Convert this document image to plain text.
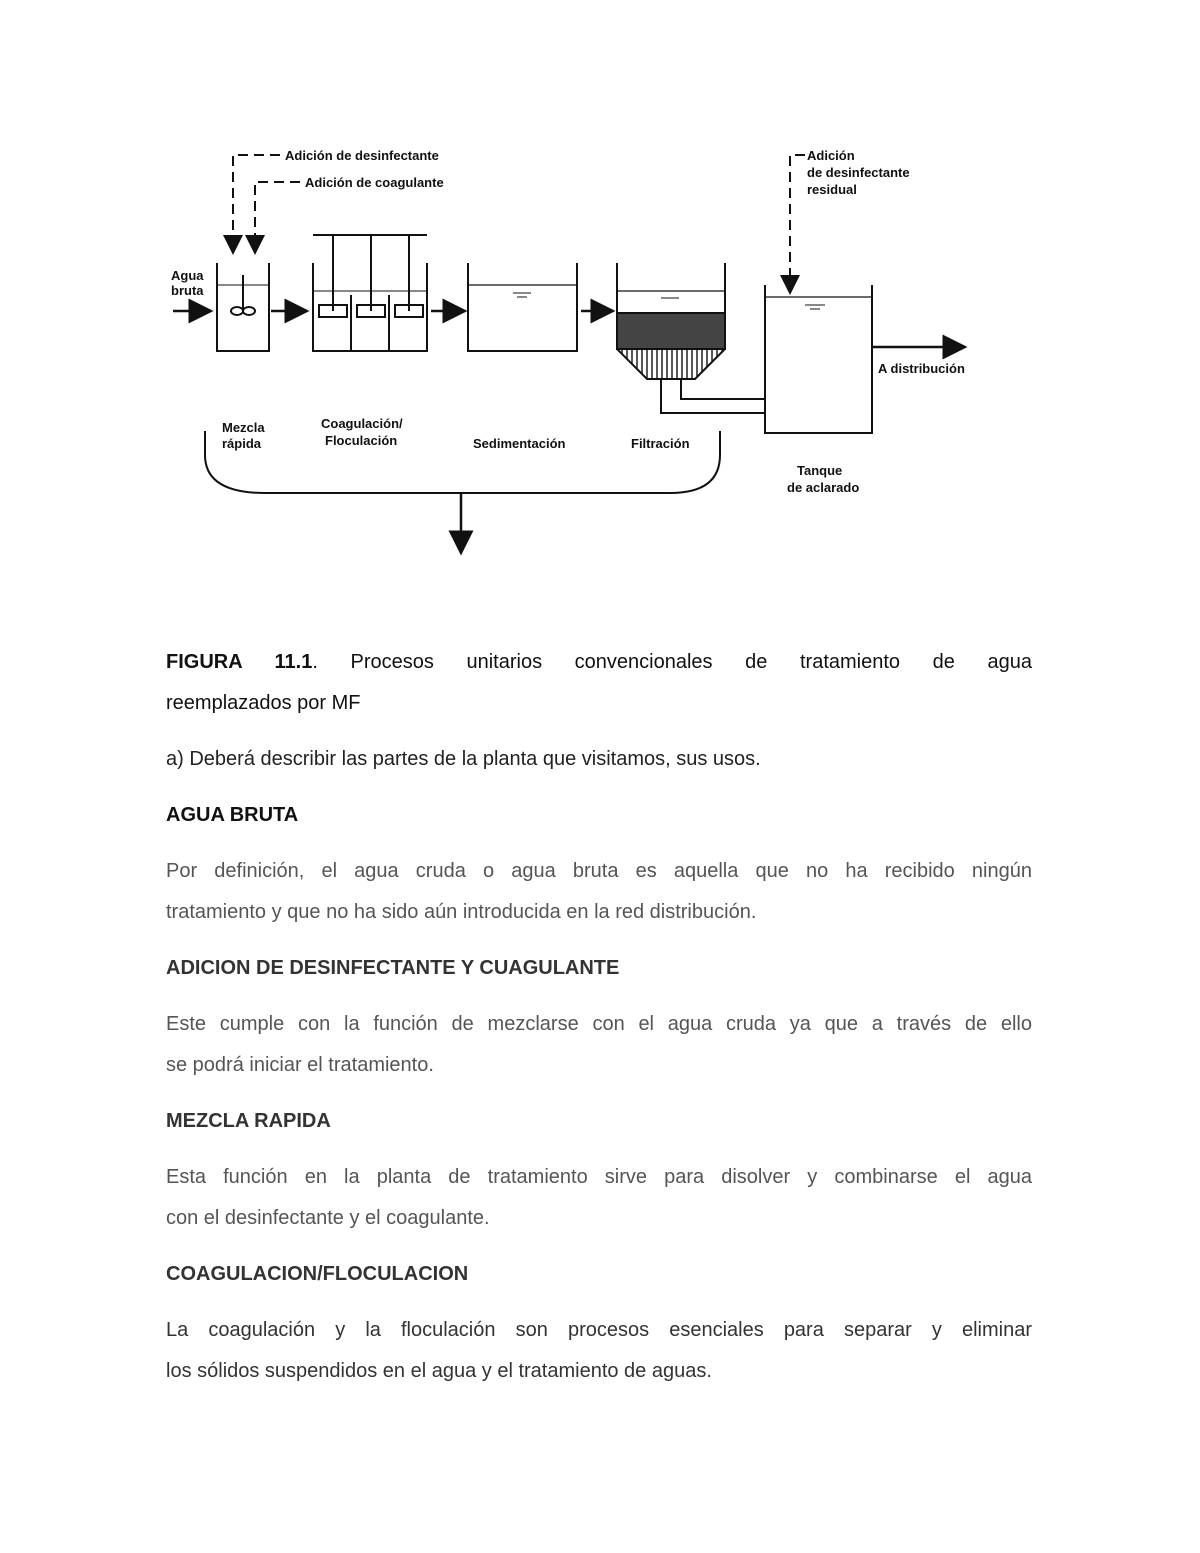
Adición de desinfectante
Adición de coagulante
Agua
bruta
Adición
de desinfectante
residual
A distribución
Mezcla
rápida
Coagulación/
Floculación	Sedimentación	Filtración
Tanque
de aclarado

FIGURA 11.1. Procesos unitarios convencionales de tratamiento de agua
reemplazados por MF

a) Deberá describir las partes de la planta que visitamos, sus usos.

AGUA BRUTA

Por definición, el agua cruda o agua bruta es aquella que no ha recibido ningún
tratamiento y que no ha sido aún introducida en la red distribución.

ADICION DE DESINFECTANTE Y CUAGULANTE

Este cumple con la función de mezclarse con el agua cruda ya que a través de ello
se podrá iniciar el tratamiento.

MEZCLA RAPIDA

Esta función en la planta de tratamiento sirve para disolver y combinarse el agua
con el desinfectante y el coagulante.

COAGULACION/FLOCULACION

La coagulación y la floculación son procesos esenciales para separar y eliminar
los sólidos suspendidos en el agua y el tratamiento de aguas.
